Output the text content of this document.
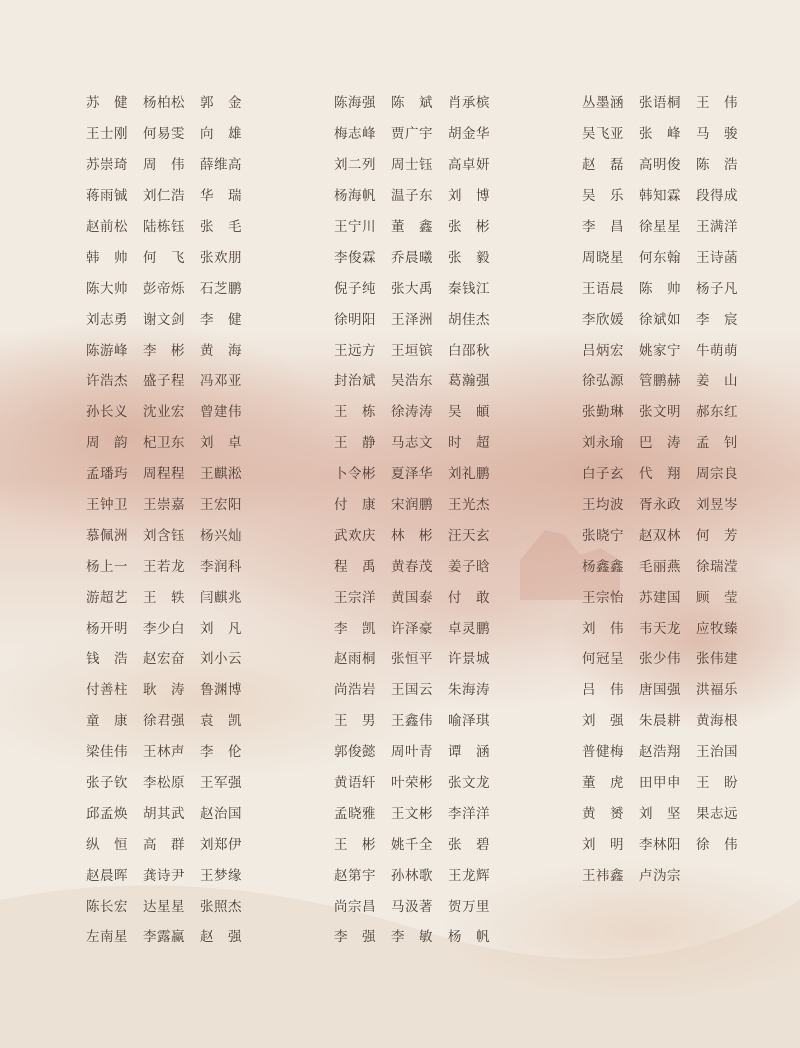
苏　健	杨柏松	郭　金
王士刚	何易雯	向　雄
苏崇琦	周　伟	薛维高
蒋雨铖	刘仁浩	华　瑞
赵前松	陆栋钰	张　毛
韩　帅	何　飞	张欢朋
陈大帅	彭帝烁	石芝鹏
刘志勇	谢文剑	李　健
陈游峰	李　彬	黄　海
许浩杰	盛子程	冯邓亚
孙长义	沈业宏	曾建伟
周　韵	杞卫东	刘　卓
孟璠玙	周程程	王麒淞
王钟卫	王崇嘉	王宏阳
慕佩洲	刘含钰	杨兴灿
杨上一	王若龙	李润科
游超艺	王　轶	闫麒兆
杨开明	李少白	刘　凡
钱　浩	赵宏奋	刘小云
付善柱	耿　涛	鲁渊博
童　康	徐君强	袁　凯
梁佳伟	王林声	李　伦
张子钦	李松原	王军强
邱孟焕	胡其武	赵治国
纵　恒	高　群	刘郑伊
赵晨晖	龚诗尹	王梦缘
陈长宏	达星星	张照杰
左南星	李露赢	赵　强
陈海强	陈　斌	肖承槟
梅志峰	贾广宇	胡金华
刘二列	周士钰	高卓妍
杨海帆	温子东	刘　博
王宁川	董　鑫	张　彬
李俊霖	乔晨曦	张　毅
倪子纯	张大禹	秦钱江
徐明阳	王泽洲	胡佳杰
王远方	王垣镔	白邵秋
封治斌	吴浩东	葛瀚强
王　栋	徐涛涛	吴　頔
王　静	马志文	时　超
卜令彬	夏泽华	刘礼鹏
付　康	宋润鹏	王光杰
武欢庆	林　彬	汪天玄
程　禹	黄春茂	姜子晗
王宗洋	黄国泰	付　敢
李　凯	许泽豪	卓灵鹏
赵雨桐	张恒平	许景城
尚浩岩	王国云	朱海涛
王　男	王鑫伟	喻泽琪
郭俊懿	周叶青	谭　涵
黄语轩	叶荣彬	张文龙
孟晓雅	王文彬	李洋洋
王　彬	姚千全	张　碧
赵第宇	孙林歌	王龙辉
尚宗昌	马汲著	贺万里
李　强	李　敏	杨　帆
丛墨涵	张语桐	王　伟
吴飞亚	张　峰	马　骏
赵　磊	高明俊	陈　浩
吴　乐	韩知霖	段得成
李　昌	徐星星	王满洋
周晓星	何东翰	王诗菡
王语晨	陈　帅	杨子凡
李欣媛	徐斌如	李　宸
吕炳宏	姚家宁	牛萌萌
徐弘源	管鹏赫	姜　山
张勤琳	张文明	郝东红
刘永瑜	巴　涛	孟　钊
白子玄	代　翔	周宗良
王均波	胥永政	刘昱岑
张晓宁	赵双林	何　芳
杨鑫鑫	毛丽燕	徐瑞滢
王宗怡	苏建国	顾　莹
刘　伟	韦天龙	应牧臻
何冠呈	张少伟	张伟建
吕　伟	唐国强	洪福乐
刘　强	朱晨耕	黄海根
普健梅	赵浩翔	王治国
董　虎	田甲申	王　盼
黄　赟	刘　坚	果志远
刘　明	李林阳	徐　伟
王祎鑫	卢沩宗
